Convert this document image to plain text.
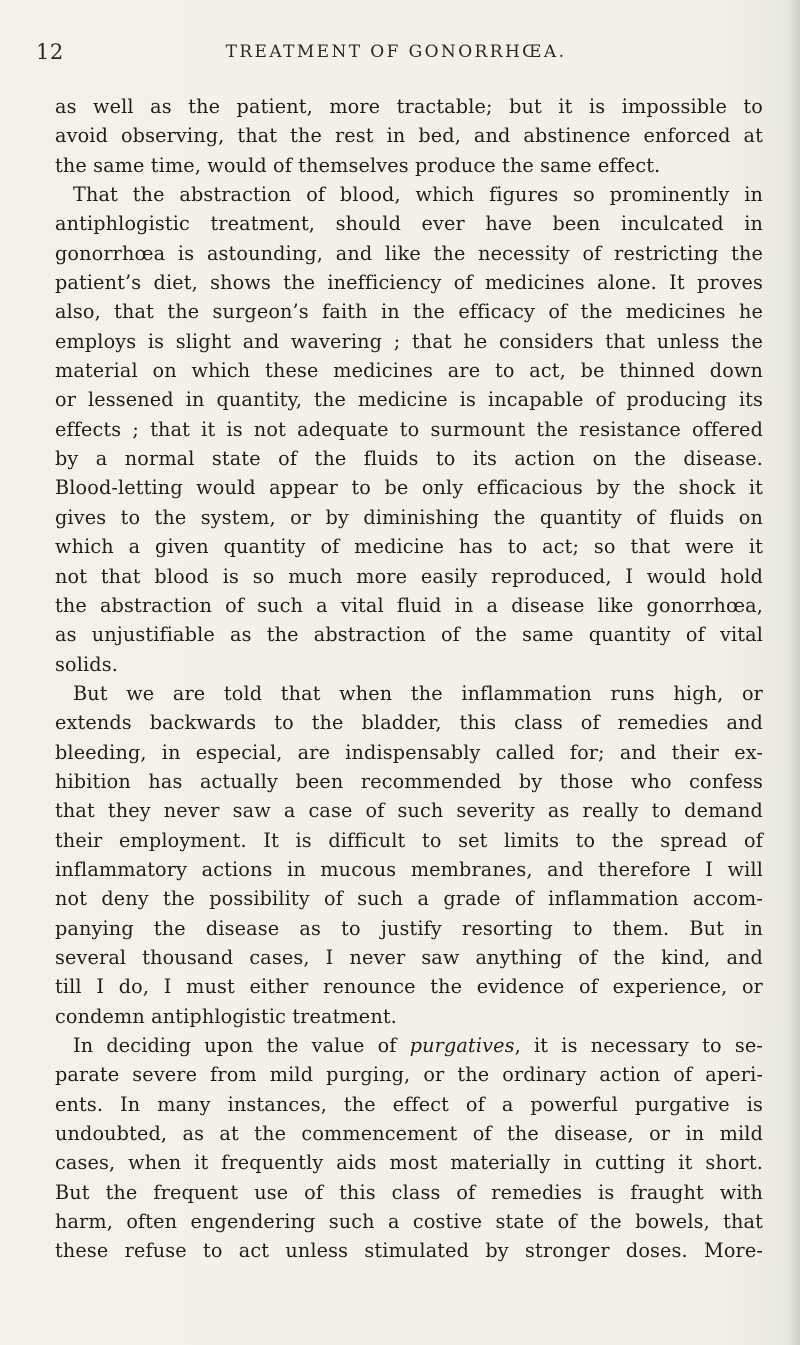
12	TREATMENT OF GONORRHŒA.
as well as the patient, more tractable; but it is impossible to
avoid observing, that the rest in bed, and abstinence enforced at
the same time, would of themselves produce the same effect.
That the abstraction of blood, which figures so prominently in
antiphlogistic treatment, should ever have been inculcated in
gonorrhœa is astounding, and like the necessity of restricting the
patient’s diet, shows the inefficiency of medicines alone. It proves
also, that the surgeon’s faith in the efficacy of the medicines he
employs is slight and wavering ; that he considers that unless the
material on which these medicines are to act, be thinned down
or lessened in quantity, the medicine is incapable of producing its
effects ; that it is not adequate to surmount the resistance offered
by a normal state of the fluids to its action on the disease.
Blood-letting would appear to be only efficacious by the shock it
gives to the system, or by diminishing the quantity of fluids on
which a given quantity of medicine has to act; so that were it
not that blood is so much more easily reproduced, I would hold
the abstraction of such a vital fluid in a disease like gonorrhœa,
as unjustifiable as the abstraction of the same quantity of vital
solids.
But we are told that when the inflammation runs high, or
extends backwards to the bladder, this class of remedies and
bleeding, in especial, are indispensably called for; and their ex-
hibition has actually been recommended by those who confess
that they never saw a case of such severity as really to demand
their employment. It is difficult to set limits to the spread of
inflammatory actions in mucous membranes, and therefore I will
not deny the possibility of such a grade of inflammation accom-
panying the disease as to justify resorting to them. But in
several thousand cases, I never saw anything of the kind, and
till I do, I must either renounce the evidence of experience, or
condemn antiphlogistic treatment.
In deciding upon the value of purgatives, it is necessary to se-
parate severe from mild purging, or the ordinary action of aperi-
ents. In many instances, the effect of a powerful purgative is
undoubted, as at the commencement of the disease, or in mild
cases, when it frequently aids most materially in cutting it short.
But the frequent use of this class of remedies is fraught with
harm, often engendering such a costive state of the bowels, that
these refuse to act unless stimulated by stronger doses. More-
